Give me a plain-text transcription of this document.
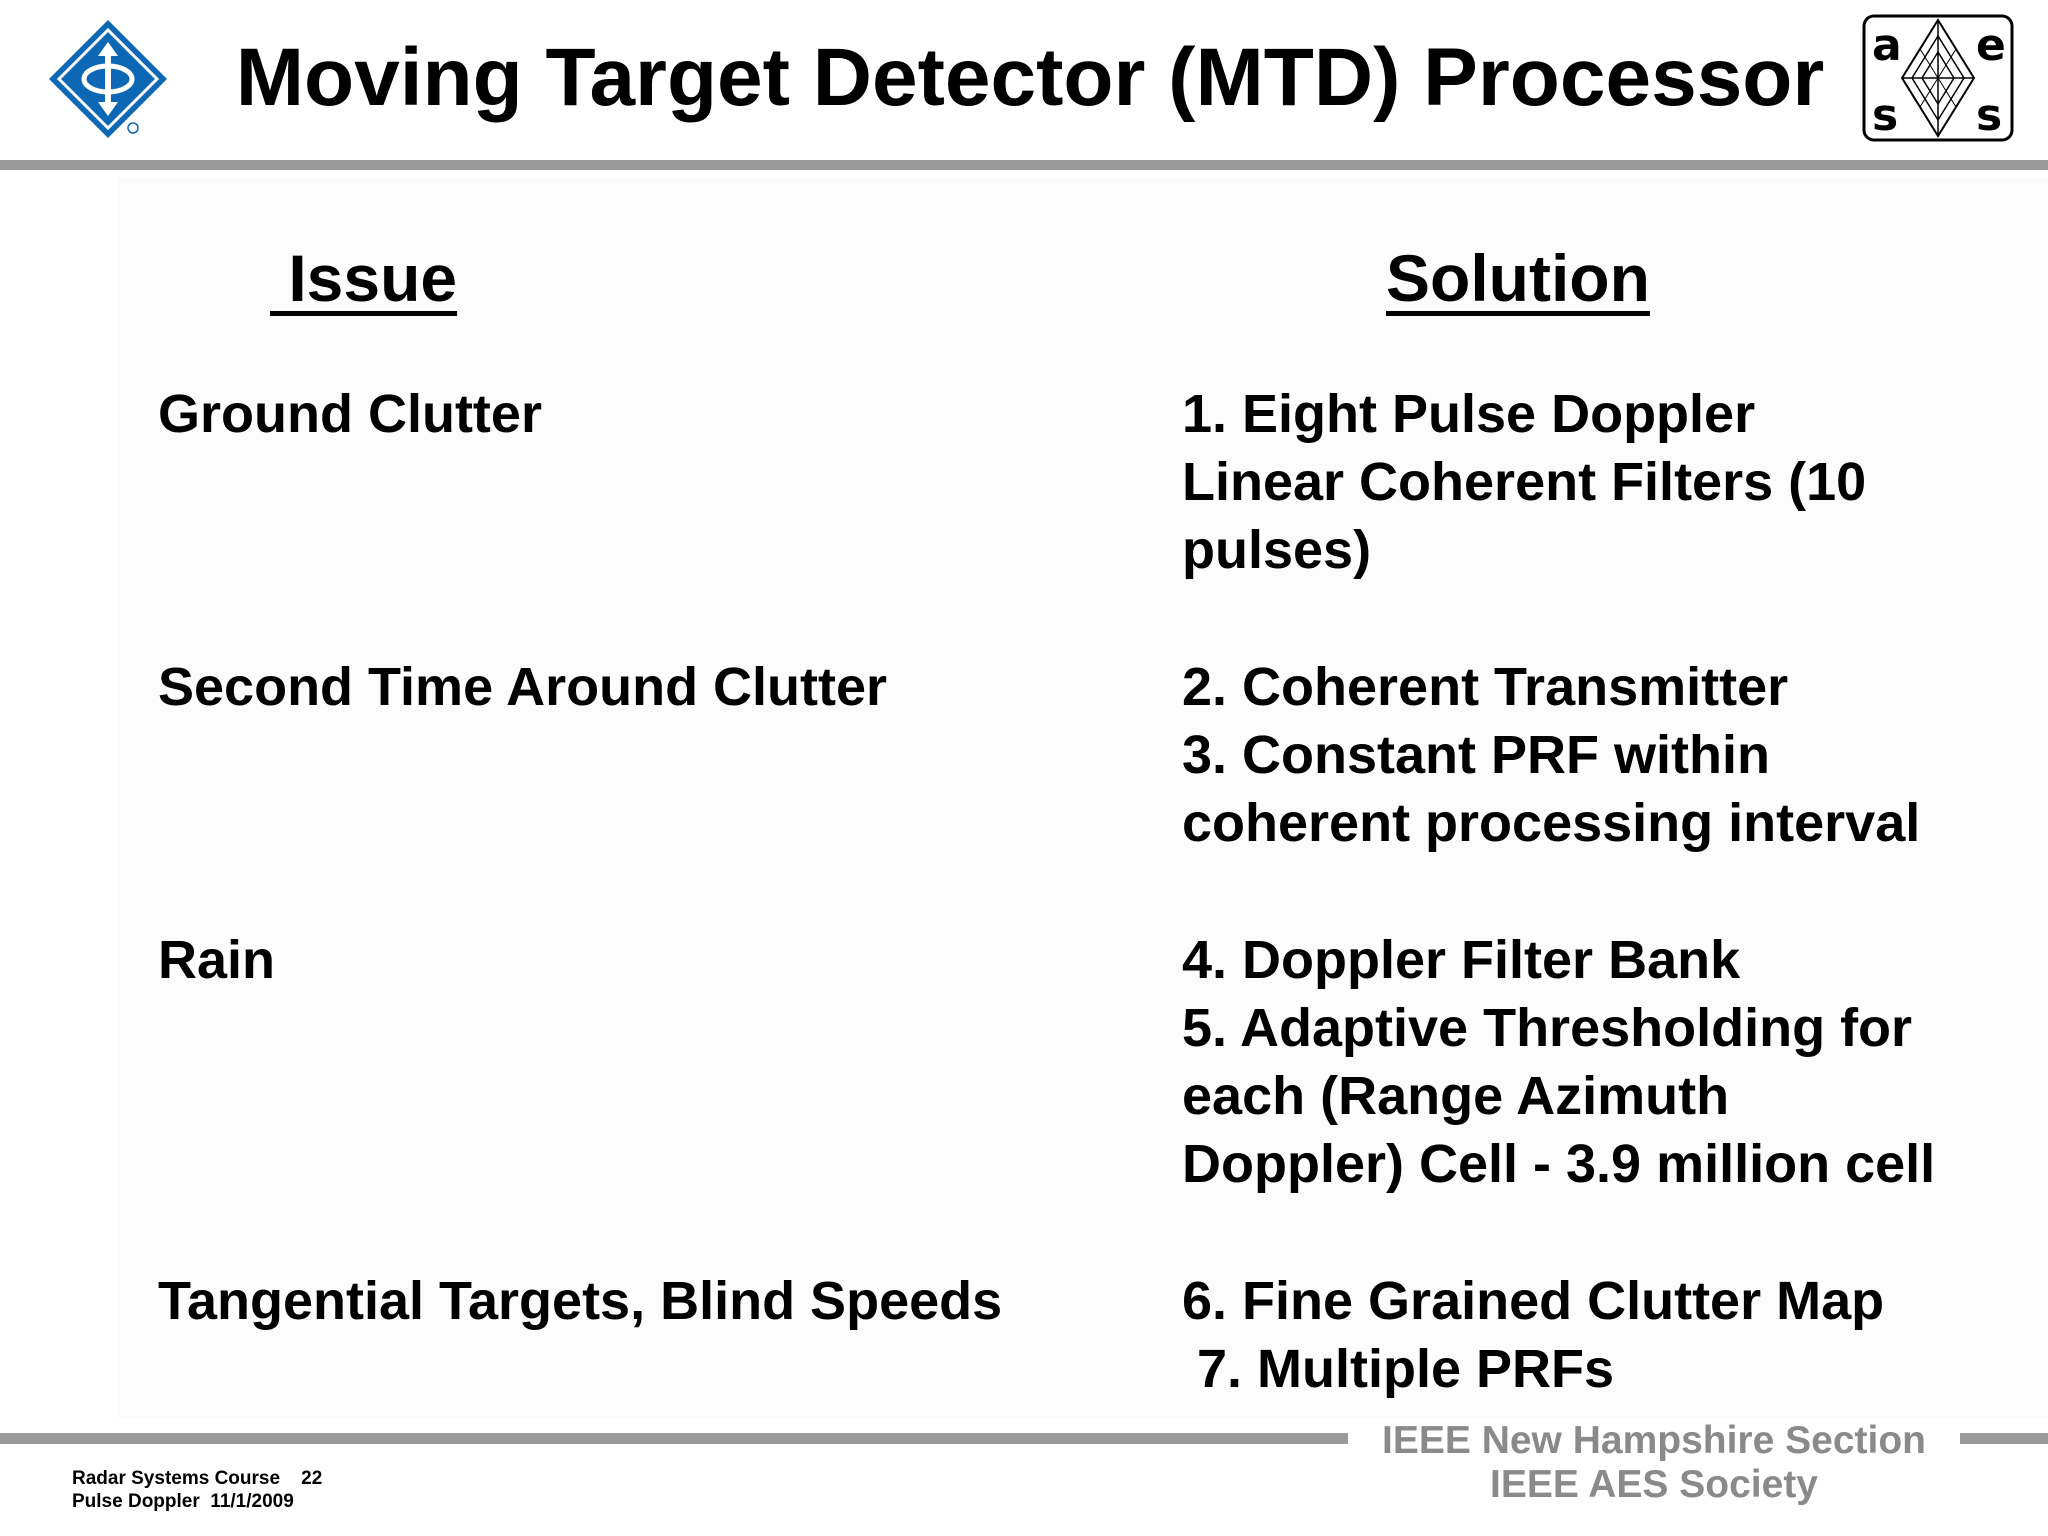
Moving Target Detector (MTD) Processor	a e
s s
Issue	Solution
Ground Clutter	1. Eight Pulse Doppler
Linear Coherent Filters (10
pulses)
Second Time Around Clutter	2. Coherent Transmitter
3. Constant PRF within
coherent processing interval
Rain	4. Doppler Filter Bank
5. Adaptive Thresholding for
each (Range Azimuth
Doppler) Cell - 3.9 million cell
Tangential Targets, Blind Speeds	6. Fine Grained Clutter Map
7. Multiple PRFs
IEEE New Hampshire Section
IEEE AES Society
Radar Systems Course    22
Pulse Doppler  11/1/2009
